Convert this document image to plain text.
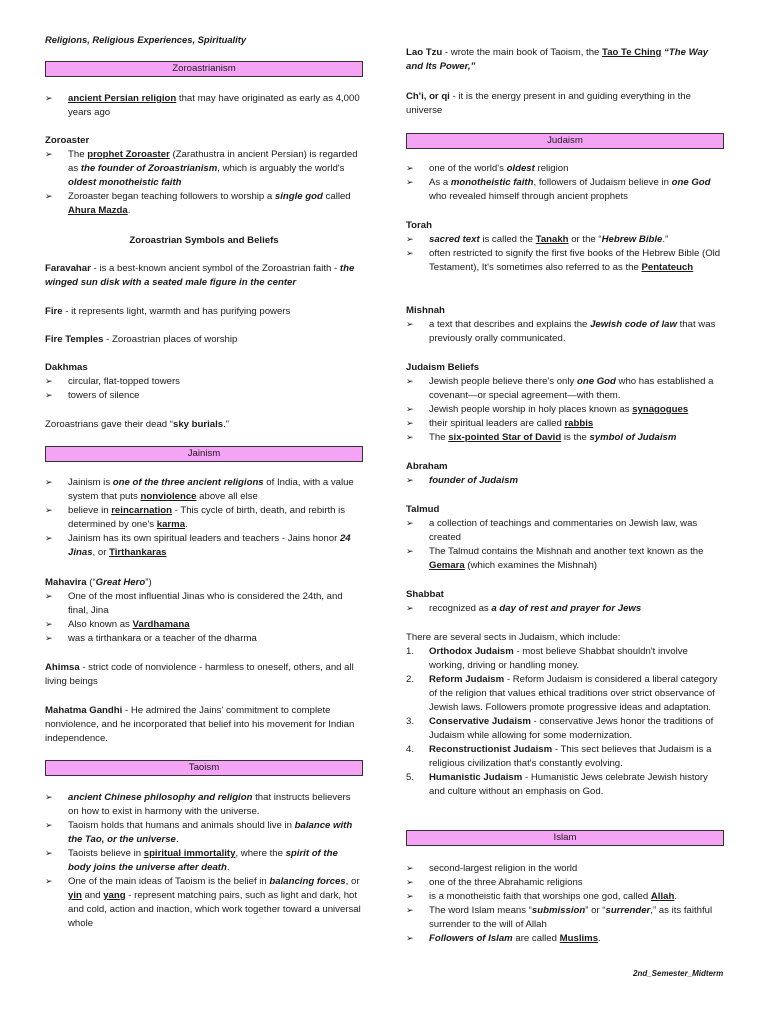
Religions, Religious Experiences, Spirituality
Zoroastrianism
➢ ancient Persian religion that may have originated as early as 4,000 years ago

Zoroaster

➢ The prophet Zoroaster (Zarathustra in ancient Persian) is regarded as the founder of Zoroastrianism, which is arguably the world's oldest monotheistic faith
➢ Zoroaster began teaching followers to worship a single god called Ahura Mazda.

Zoroastrian Symbols and Beliefs

Faravahar - is a best-known ancient symbol of the Zoroastrian faith - the winged sun disk with a seated male figure in the center

Fire - it represents light, warmth and has purifying powers

Fire Temples - Zoroastrian places of worship

Dakhmas

➢ circular, flat-topped towers
➢ towers of silence

Zoroastrians gave their dead “sky burials.”

Jainism
➢ Jainism is one of the three ancient religions of India, with a value system that puts nonviolence above all else
➢ believe in reincarnation - This cycle of birth, death, and rebirth is determined by one's karma.
➢ Jainism has its own spiritual leaders and teachers - Jains honor 24 Jinas, or Tirthankaras

Mahavira (“Great Hero”)

➢ One of the most influential Jinas who is considered the 24th, and final, Jina
➢ Also known as Vardhamana
➢ was a tirthankara or a teacher of the dharma

Ahimsa - strict code of nonviolence - harmless to oneself, others, and all living beings

Mahatma Gandhi - He admired the Jains' commitment to complete nonviolence, and he incorporated that belief into his movement for Indian independence.

Taoism
➢ ancient Chinese philosophy and religion that instructs believers on how to exist in harmony with the universe.
➢ Taoism holds that humans and animals should live in balance with the Tao, or the universe.
➢ Taoists believe in spiritual immortality, where the spirit of the body joins the universe after death.
➢ One of the main ideas of Taoism is the belief in balancing forces, or yin and yang - represent matching pairs, such as light and dark, hot and cold, action and inaction, which work together toward a universal whole

Lao Tzu - wrote the main book of Taoism, the Tao Te Ching “The Way and Its Power,”

Ch'i, or qi - it is the energy present in and guiding everything in the universe

Judaism
➢ one of the world's oldest religion
➢ As a monotheistic faith, followers of Judaism believe in one God who revealed himself through ancient prophets

Torah

➢ sacred text is called the Tanakh or the “Hebrew Bible.”
➢ often restricted to signify the first five books of the Hebrew Bible (Old Testament), It's sometimes also referred to as the Pentateuch

Mishnah

➢ a text that describes and explains the Jewish code of law that was previously orally communicated.

Judaism Beliefs

➢ Jewish people believe there's only one God who has established a covenant—or special agreement—with them.
➢ Jewish people worship in holy places known as synagogues
➢ their spiritual leaders are called rabbis
➢ The six-pointed Star of David is the symbol of Judaism

Abraham

➢ founder of Judaism

Talmud

➢ a collection of teachings and commentaries on Jewish law, was created
➢ The Talmud contains the Mishnah and another text known as the Gemara (which examines the Mishnah)

Shabbat

➢ recognized as a day of rest and prayer for Jews

There are several sects in Judaism, which include:

1. Orthodox Judaism - most believe Shabbat shouldn't involve working, driving or handling money.
2. Reform Judaism - Reform Judaism is considered a liberal category of the religion that values ethical traditions over strict observance of Jewish laws. Followers promote progressive ideas and adaptation.
3. Conservative Judaism - conservative Jews honor the traditions of Judaism while allowing for some modernization.
4. Reconstructionist Judaism - This sect believes that Judaism is a religious civilization that's constantly evolving.
5. Humanistic Judaism - Humanistic Jews celebrate Jewish history and culture without an emphasis on God.
Islam
➢ second-largest religion in the world
➢ one of the three Abrahamic religions
➢ is a monotheistic faith that worships one god, called Allah.
➢ The word Islam means “submission” or “surrender,” as its faithful surrender to the will of Allah
➢ Followers of Islam are called Muslims.
2nd_Semester_Midterm
